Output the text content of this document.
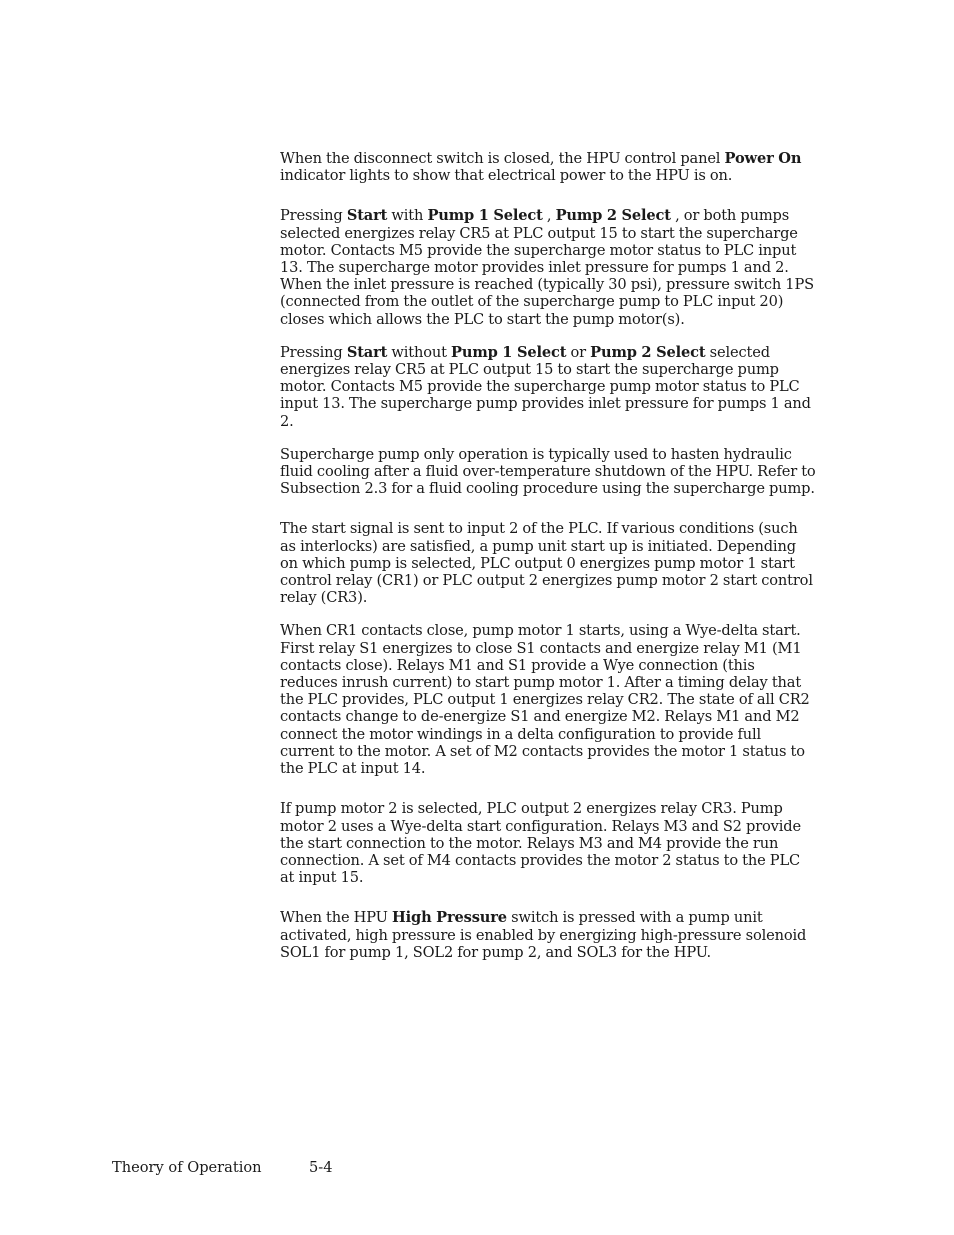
When the disconnect switch is closed, the HPU control panel Power On indicator lights to show that electrical power to the HPU is on.

Pressing Start with Pump 1 Select , Pump 2 Select , or both pumps selected energizes relay CR5 at PLC output 15 to start the supercharge motor. Contacts M5 provide the supercharge motor status to PLC input 13. The supercharge motor provides inlet pressure for pumps 1 and 2. When the inlet pressure is reached (typically 30 psi), pressure switch 1PS (connected from the outlet of the supercharge pump to PLC input 20) closes which allows the PLC to start the pump motor(s).

Pressing Start without Pump 1 Select or Pump 2 Select selected energizes relay CR5 at PLC output 15 to start the supercharge pump motor. Contacts M5 provide the supercharge pump motor status to PLC input 13. The supercharge pump provides inlet pressure for pumps 1 and 2.

Supercharge pump only operation is typically used to hasten hydraulic fluid cooling after a fluid over-temperature shutdown of the HPU. Refer to Subsection 2.3 for a fluid cooling procedure using the supercharge pump.

The start signal is sent to input 2 of the PLC. If various conditions (such as interlocks) are satisfied, a pump unit start up is initiated. Depending on which pump is selected, PLC output 0 energizes pump motor 1 start control relay (CR1) or PLC output 2 energizes pump motor 2 start control relay (CR3).

When CR1 contacts close, pump motor 1 starts, using a Wye-delta start. First relay S1 energizes to close S1 contacts and energize relay M1 (M1 contacts close). Relays M1 and S1 provide a Wye connection (this reduces inrush current) to start pump motor 1. After a timing delay that the PLC provides, PLC output 1 energizes relay CR2. The state of all CR2 contacts change to de-energize S1 and energize M2. Relays M1 and M2 connect the motor windings in a delta configuration to provide full current to the motor. A set of M2 contacts provides the motor 1 status to the PLC at input 14.

If pump motor 2 is selected, PLC output 2 energizes relay CR3. Pump motor 2 uses a Wye-delta start configuration. Relays M3 and S2 provide the start connection to the motor. Relays M3 and M4 provide the run connection. A set of M4 contacts provides the motor 2 status to the PLC at input 15.

When the HPU High Pressure switch is pressed with a pump unit activated, high pressure is enabled by energizing high-pressure solenoid SOL1 for pump 1, SOL2 for pump 2, and SOL3 for the HPU.

Theory of Operation	5-4
